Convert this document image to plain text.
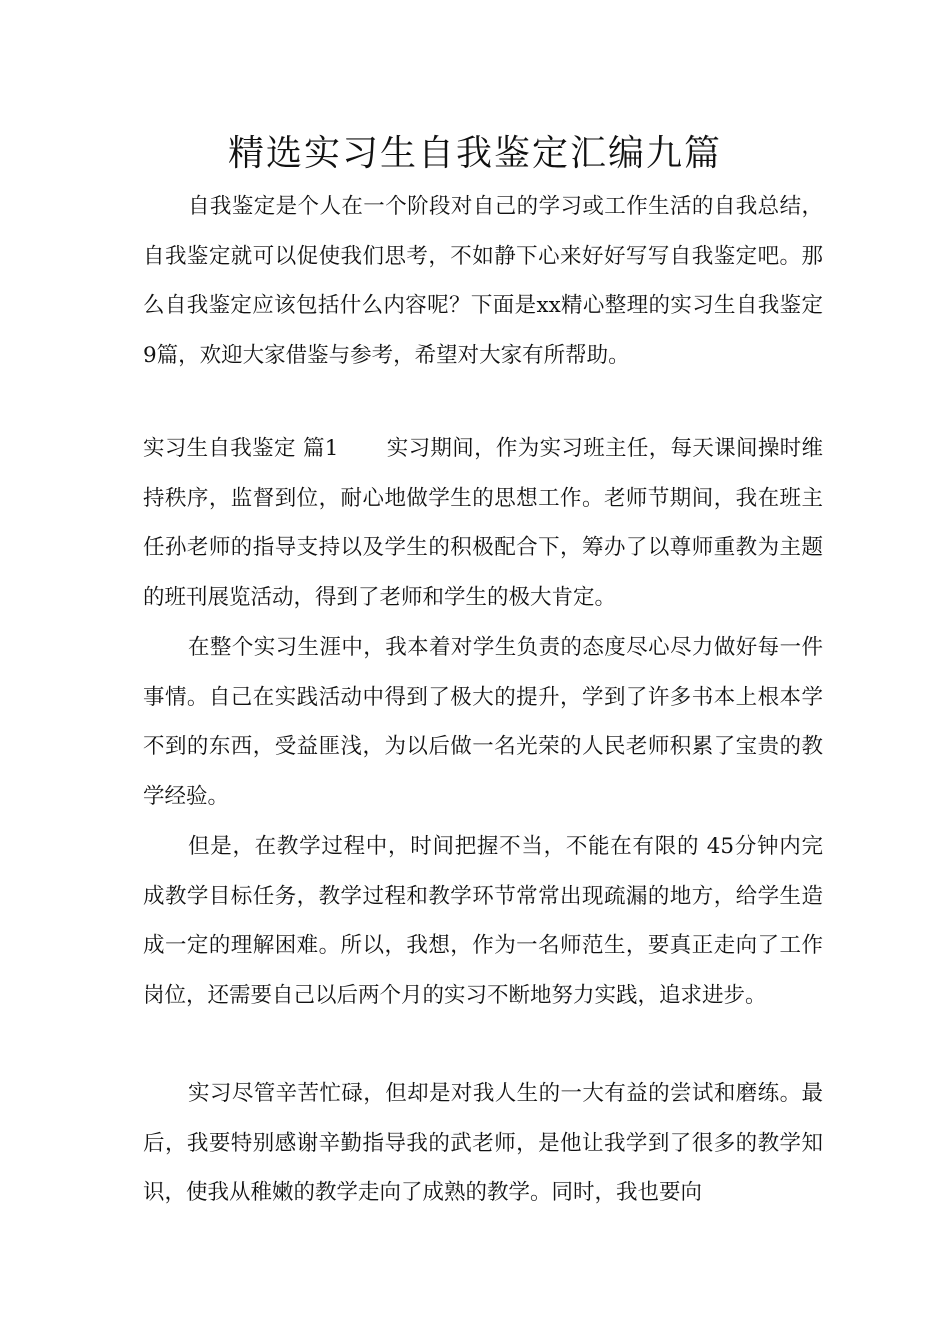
精选实习生自我鉴定汇编九篇

自我鉴定是个人在一个阶段对自己的学习或工作生活的自我总结，自我鉴定就可以促使我们思考，不如静下心来好好写写自我鉴定吧。那么自我鉴定应该包括什么内容呢？下面是xx精心整理的实习生自我鉴定9篇，欢迎大家借鉴与参考，希望对大家有所帮助。

实习生自我鉴定 篇1 实习期间，作为实习班主任，每天课间操时维持秩序，监督到位，耐心地做学生的思想工作。老师节期间，我在班主任孙老师的指导支持以及学生的积极配合下，筹办了以尊师重教为主题的班刊展览活动，得到了老师和学生的极大肯定。

在整个实习生涯中，我本着对学生负责的态度尽心尽力做好每一件事情。自己在实践活动中得到了极大的提升，学到了许多书本上根本学不到的东西，受益匪浅，为以后做一名光荣的人民老师积累了宝贵的教学经验。

但是，在教学过程中，时间把握不当，不能在有限的 45分钟内完成教学目标任务，教学过程和教学环节常常出现疏漏的地方，给学生造成一定的理解困难。所以，我想，作为一名师范生，要真正走向了工作岗位，还需要自己以后两个月的实习不断地努力实践，追求进步。

实习尽管辛苦忙碌，但却是对我人生的一大有益的尝试和磨练。最后，我要特别感谢辛勤指导我的武老师，是他让我学到了很多的教学知识，使我从稚嫩的教学走向了成熟的教学。同时，我也要向
